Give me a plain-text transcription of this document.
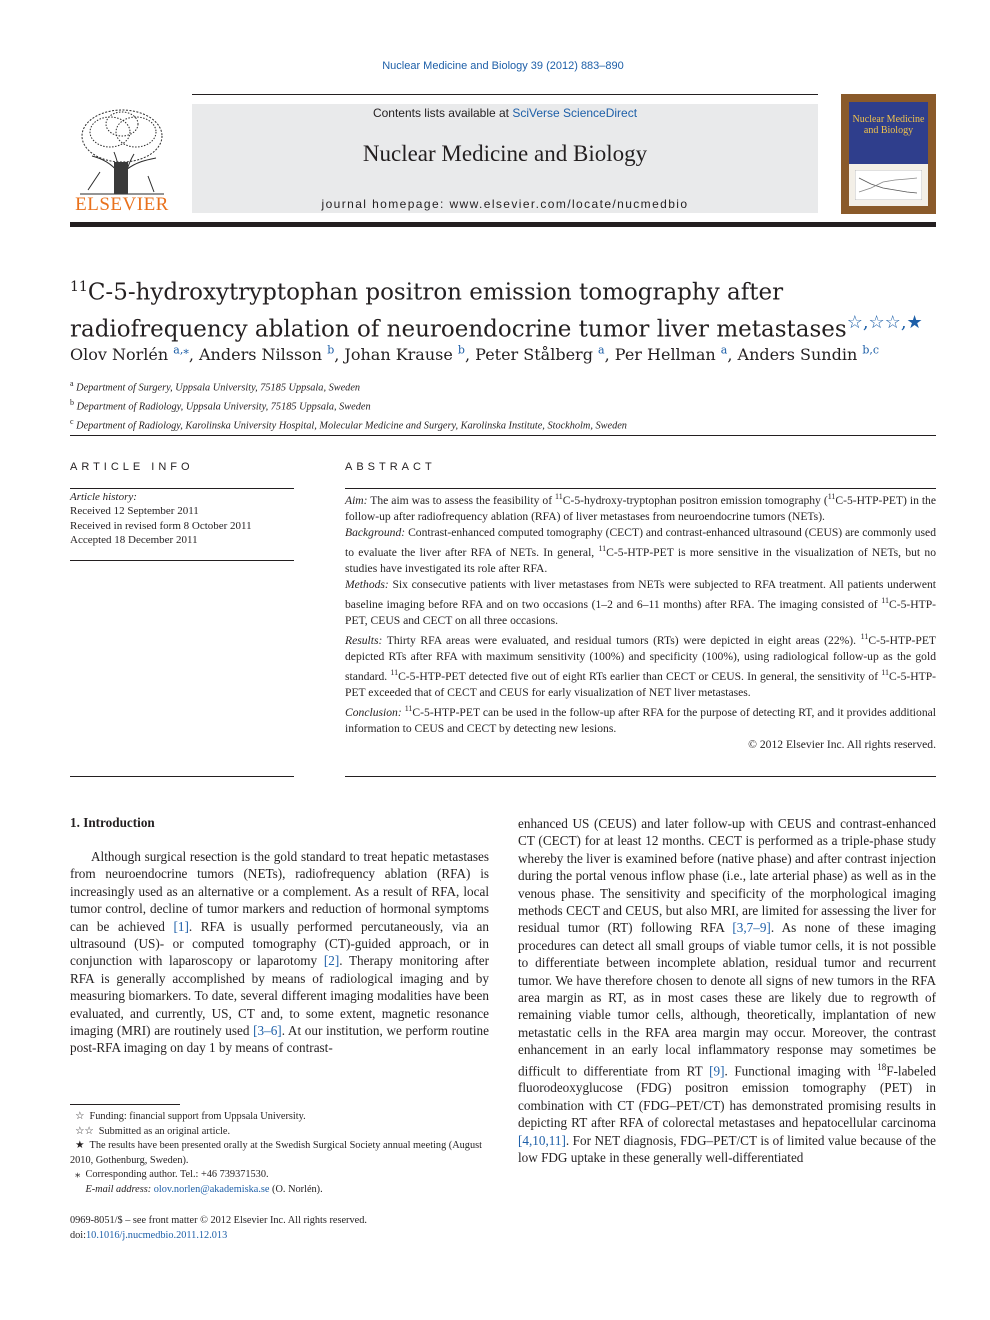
Nuclear Medicine and Biology 39 (2012) 883–890
ELSEVIER
Contents lists available at SciVerse ScienceDirect
Nuclear Medicine and Biology
journal homepage: www.elsevier.com/locate/nucmedbio
Nuclear Medicine and Biology
$^{11}$C-5-hydroxytryptophan positron emission tomography after radiofrequency ablation of neuroendocrine tumor liver metastases☆,☆☆,★
Olov Norlén $^{a,⁎}$, Anders Nilsson $^b$, Johan Krause $^b$, Peter Stålberg $^a$, Per Hellman $^a$, Anders Sundin $^{b,c}$
$^a$ Department of Surgery, Uppsala University, 75185 Uppsala, Sweden
$^b$ Department of Radiology, Uppsala University, 75185 Uppsala, Sweden
$^c$ Department of Radiology, Karolinska University Hospital, Molecular Medicine and Surgery, Karolinska Institute, Stockholm, Sweden
ARTICLE INFO	ABSTRACT
Article history:
Received 12 September 2011
Received in revised form 8 October 2011
Accepted 18 December 2011

Aim: The aim was to assess the feasibility of $^{11}$C-5-hydroxy-tryptophan positron emission tomography ($^{11}$C-5-HTP-PET) in the follow-up after radiofrequency ablation (RFA) of liver metastases from neuroendocrine tumors (NETs).

Background: Contrast-enhanced computed tomography (CECT) and contrast-enhanced ultrasound (CEUS) are commonly used to evaluate the liver after RFA of NETs. In general, $^{11}$C-5-HTP-PET is more sensitive in the visualization of NETs, but no studies have investigated its role after RFA.

Methods: Six consecutive patients with liver metastases from NETs were subjected to RFA treatment. All patients underwent baseline imaging before RFA and on two occasions (1–2 and 6–11 months) after RFA. The imaging consisted of $^{11}$C-5-HTP-PET, CEUS and CECT on all three occasions.

Results: Thirty RFA areas were evaluated, and residual tumors (RTs) were depicted in eight areas (22%). $^{11}$C-5-HTP-PET depicted RTs after RFA with maximum sensitivity (100%) and specificity (100%), using radiological follow-up as the gold standard. $^{11}$C-5-HTP-PET detected five out of eight RTs earlier than CECT or CEUS. In general, the sensitivity of $^{11}$C-5-HTP-PET exceeded that of CECT and CEUS for early visualization of NET liver metastases.

Conclusion: $^{11}$C-5-HTP-PET can be used in the follow-up after RFA for the purpose of detecting RT, and it provides additional information to CEUS and CECT by detecting new lesions.

© 2012 Elsevier Inc. All rights reserved.

1. Introduction

Although surgical resection is the gold standard to treat hepatic metastases from neuroendocrine tumors (NETs), radiofrequency ablation (RFA) is increasingly used as an alternative or a complement. As a result of RFA, local tumor control, decline of tumor markers and reduction of hormonal symptoms can be achieved [1]. RFA is usually performed percutaneously, via an ultrasound (US)- or computed tomography (CT)-guided approach, or in conjunction with laparoscopy or laparotomy [2]. Therapy monitoring after RFA is generally accomplished by means of radiological imaging and by measuring biomarkers. To date, several different imaging modalities have been evaluated, and currently, US, CT and, to some extent, magnetic resonance imaging (MRI) are routinely used [3–6]. At our institution, we perform routine post-RFA imaging on day 1 by means of contrast-

enhanced US (CEUS) and later follow-up with CEUS and contrast-enhanced CT (CECT) for at least 12 months. CECT is performed as a triple-phase study whereby the liver is examined before (native phase) and after contrast injection during the portal venous inflow phase (i.e., late arterial phase) as well as in the venous phase. The sensitivity and specificity of the morphological imaging methods CECT and CEUS, but also MRI, are limited for assessing the liver for residual tumor (RT) following RFA [3,7–9]. As none of these imaging procedures can detect all small groups of viable tumor cells, it is not possible to differentiate between incomplete ablation, residual tumor and recurrent tumor. We have therefore chosen to denote all signs of new tumors in the RFA area margin as RT, as in most cases these are likely due to regrowth of remaining viable tumor cells, although, theoretically, implantation of new metastatic cells in the RFA area margin may occur. Moreover, the contrast enhancement in an early local inflammatory response may sometimes be difficult to differentiate from RT [9]. Functional imaging with $^{18}$F-labeled fluorodeoxyglucose (FDG) positron emission tomography (PET) in combination with CT (FDG–PET/CT) has demonstrated promising results in depicting RT after RFA of colorectal metastases and hepatocellular carcinoma [4,10,11]. For NET diagnosis, FDG–PET/CT is of limited value because of the low FDG uptake in these generally well-differentiated

☆ Funding: financial support from Uppsala University.
☆☆ Submitted as an original article.
★ The results have been presented orally at the Swedish Surgical Society annual meeting (August 2010, Gothenburg, Sweden).
⁎ Corresponding author. Tel.: +46 739371530.
E-mail address: olov.norlen@akademiska.se (O. Norlén).
0969-8051/$ – see front matter © 2012 Elsevier Inc. All rights reserved.
doi:10.1016/j.nucmedbio.2011.12.013
